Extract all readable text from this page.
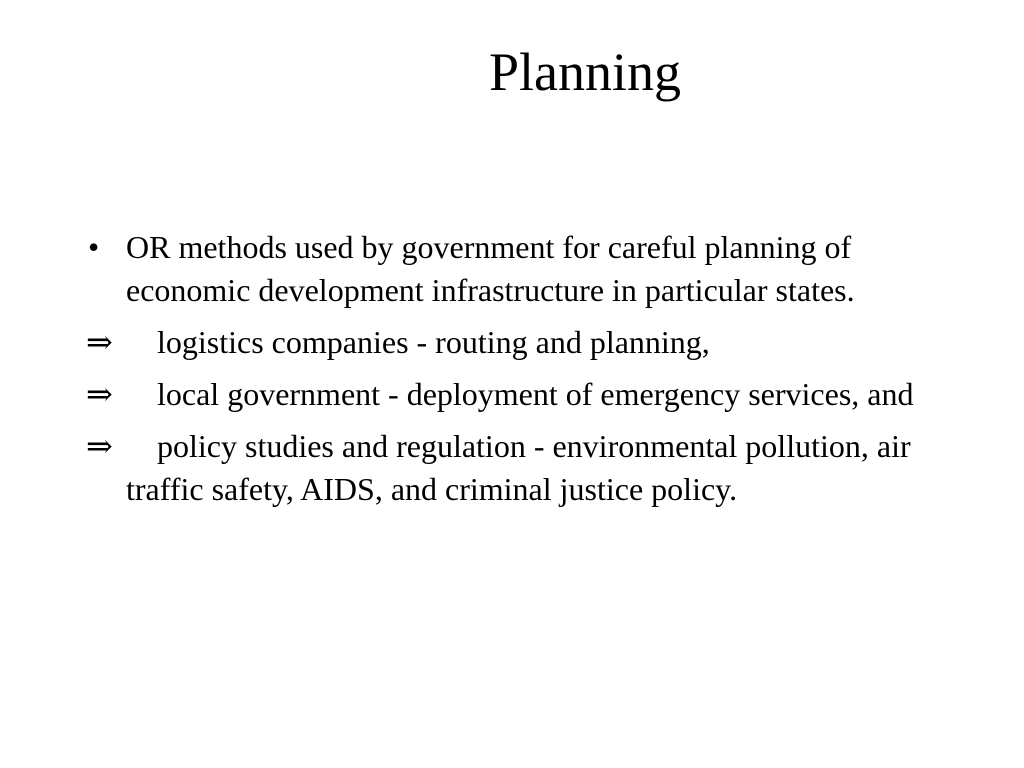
Planning
• OR methods used by government for careful planning of economic development infrastructure in particular states.
⇒	logistics companies - routing and planning,
⇒	local government - deployment of emergency services, and
⇒	policy studies and regulation - environmental pollution, air traffic safety, AIDS, and criminal justice policy.
